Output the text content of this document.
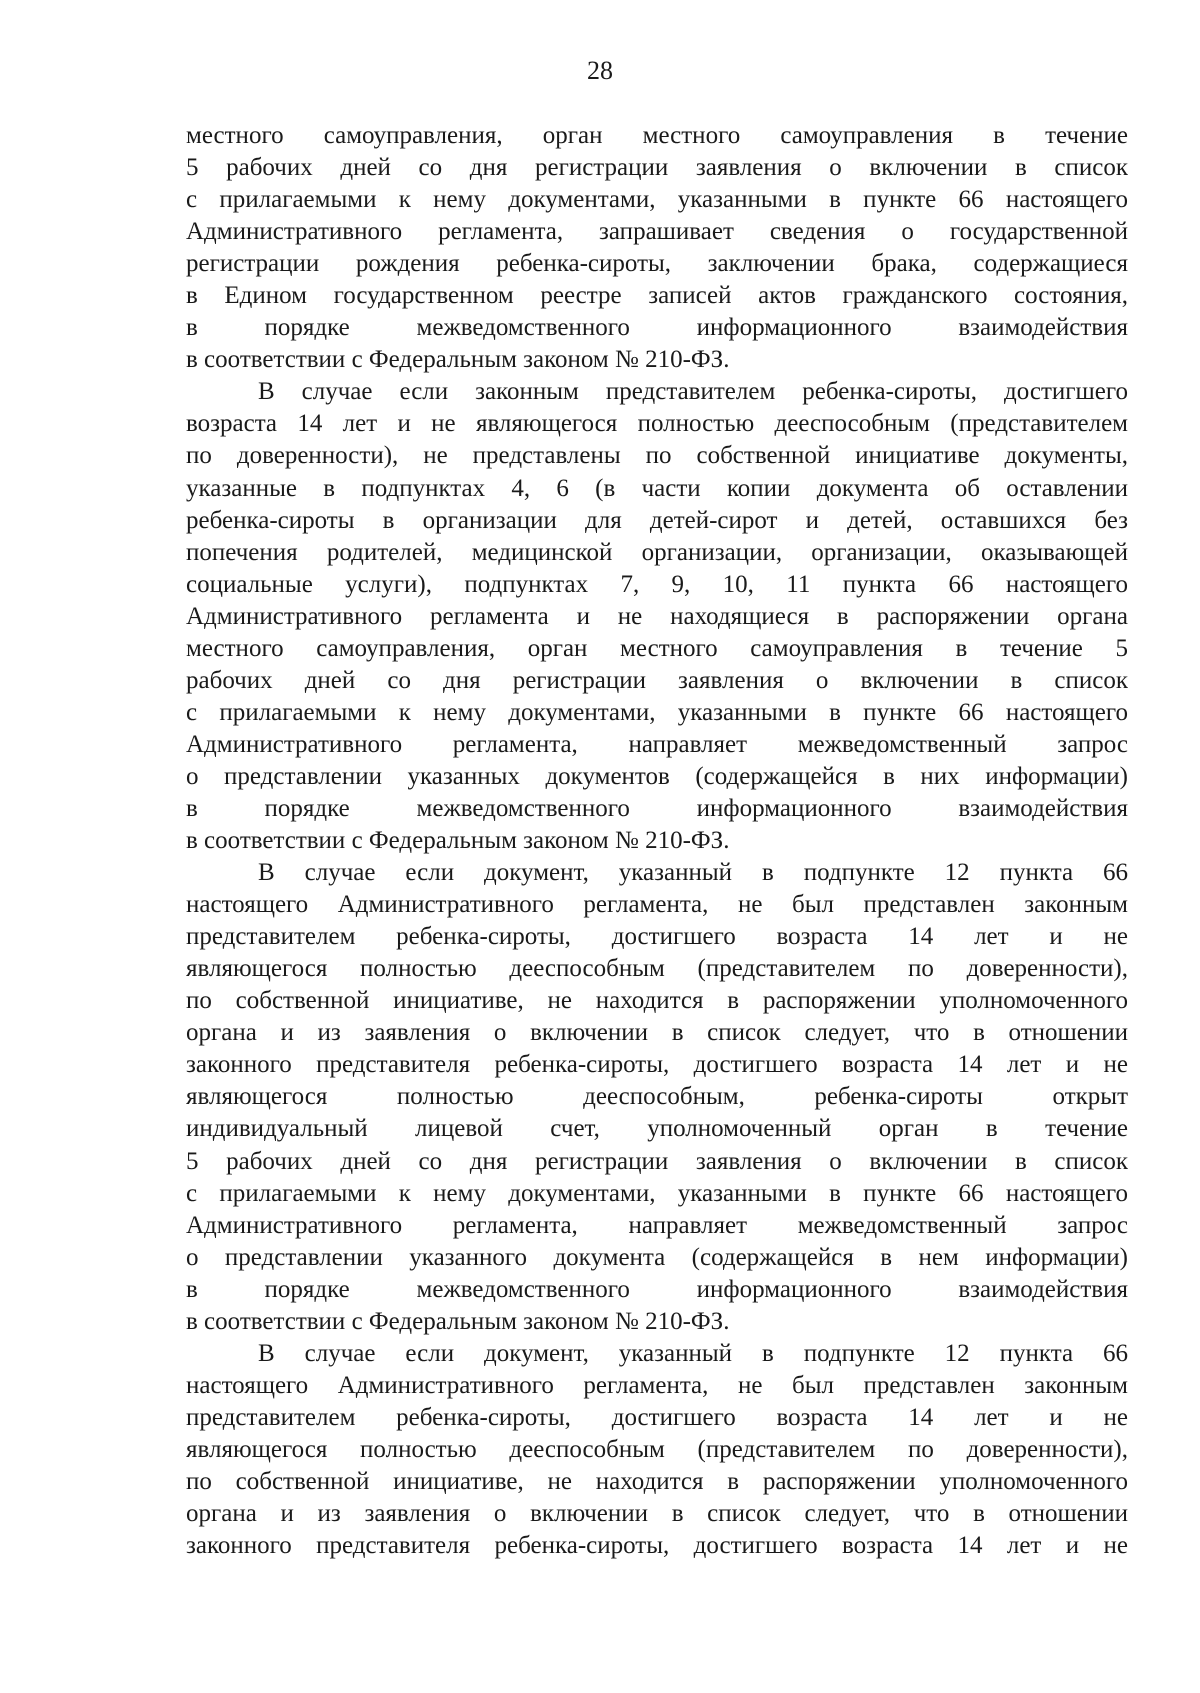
28
местного самоуправления, орган местного самоуправления в течение
5 рабочих дней со дня регистрации заявления о включении в список
с прилагаемыми к нему документами, указанными в пункте 66 настоящего
Административного регламента, запрашивает сведения о государственной
регистрации рождения ребенка-сироты, заключении брака, содержащиеся
в Едином государственном реестре записей актов гражданского состояния,
в порядке межведомственного информационного взаимодействия
в соответствии с Федеральным законом № 210-ФЗ.
В случае если законным представителем ребенка-сироты, достигшего
возраста 14 лет и не являющегося полностью дееспособным (представителем
по доверенности), не представлены по собственной инициативе документы,
указанные в подпунктах 4, 6 (в части копии документа об оставлении
ребенка-сироты в организации для детей-сирот и детей, оставшихся без
попечения родителей, медицинской организации, организации, оказывающей
социальные услуги), подпунктах 7, 9, 10, 11 пункта 66 настоящего
Административного регламента и не находящиеся в распоряжении органа
местного самоуправления, орган местного самоуправления в течение 5
рабочих дней со дня регистрации заявления о включении в список
с прилагаемыми к нему документами, указанными в пункте 66 настоящего
Административного регламента, направляет межведомственный запрос
о представлении указанных документов (содержащейся в них информации)
в порядке межведомственного информационного взаимодействия
в соответствии с Федеральным законом № 210-ФЗ.
В случае если документ, указанный в подпункте 12 пункта 66
настоящего Административного регламента, не был представлен законным
представителем ребенка-сироты, достигшего возраста 14 лет и не
являющегося полностью дееспособным (представителем по доверенности),
по собственной инициативе, не находится в распоряжении уполномоченного
органа и из заявления о включении в список следует, что в отношении
законного представителя ребенка-сироты, достигшего возраста 14 лет и не
являющегося полностью дееспособным, ребенка-сироты открыт
индивидуальный лицевой счет, уполномоченный орган в течение
5 рабочих дней со дня регистрации заявления о включении в список
с прилагаемыми к нему документами, указанными в пункте 66 настоящего
Административного регламента, направляет межведомственный запрос
о представлении указанного документа (содержащейся в нем информации)
в порядке межведомственного информационного взаимодействия
в соответствии с Федеральным законом № 210-ФЗ.
В случае если документ, указанный в подпункте 12 пункта 66
настоящего Административного регламента, не был представлен законным
представителем ребенка-сироты, достигшего возраста 14 лет и не
являющегося полностью дееспособным (представителем по доверенности),
по собственной инициативе, не находится в распоряжении уполномоченного
органа и из заявления о включении в список следует, что в отношении
законного представителя ребенка-сироты, достигшего возраста 14 лет и не
